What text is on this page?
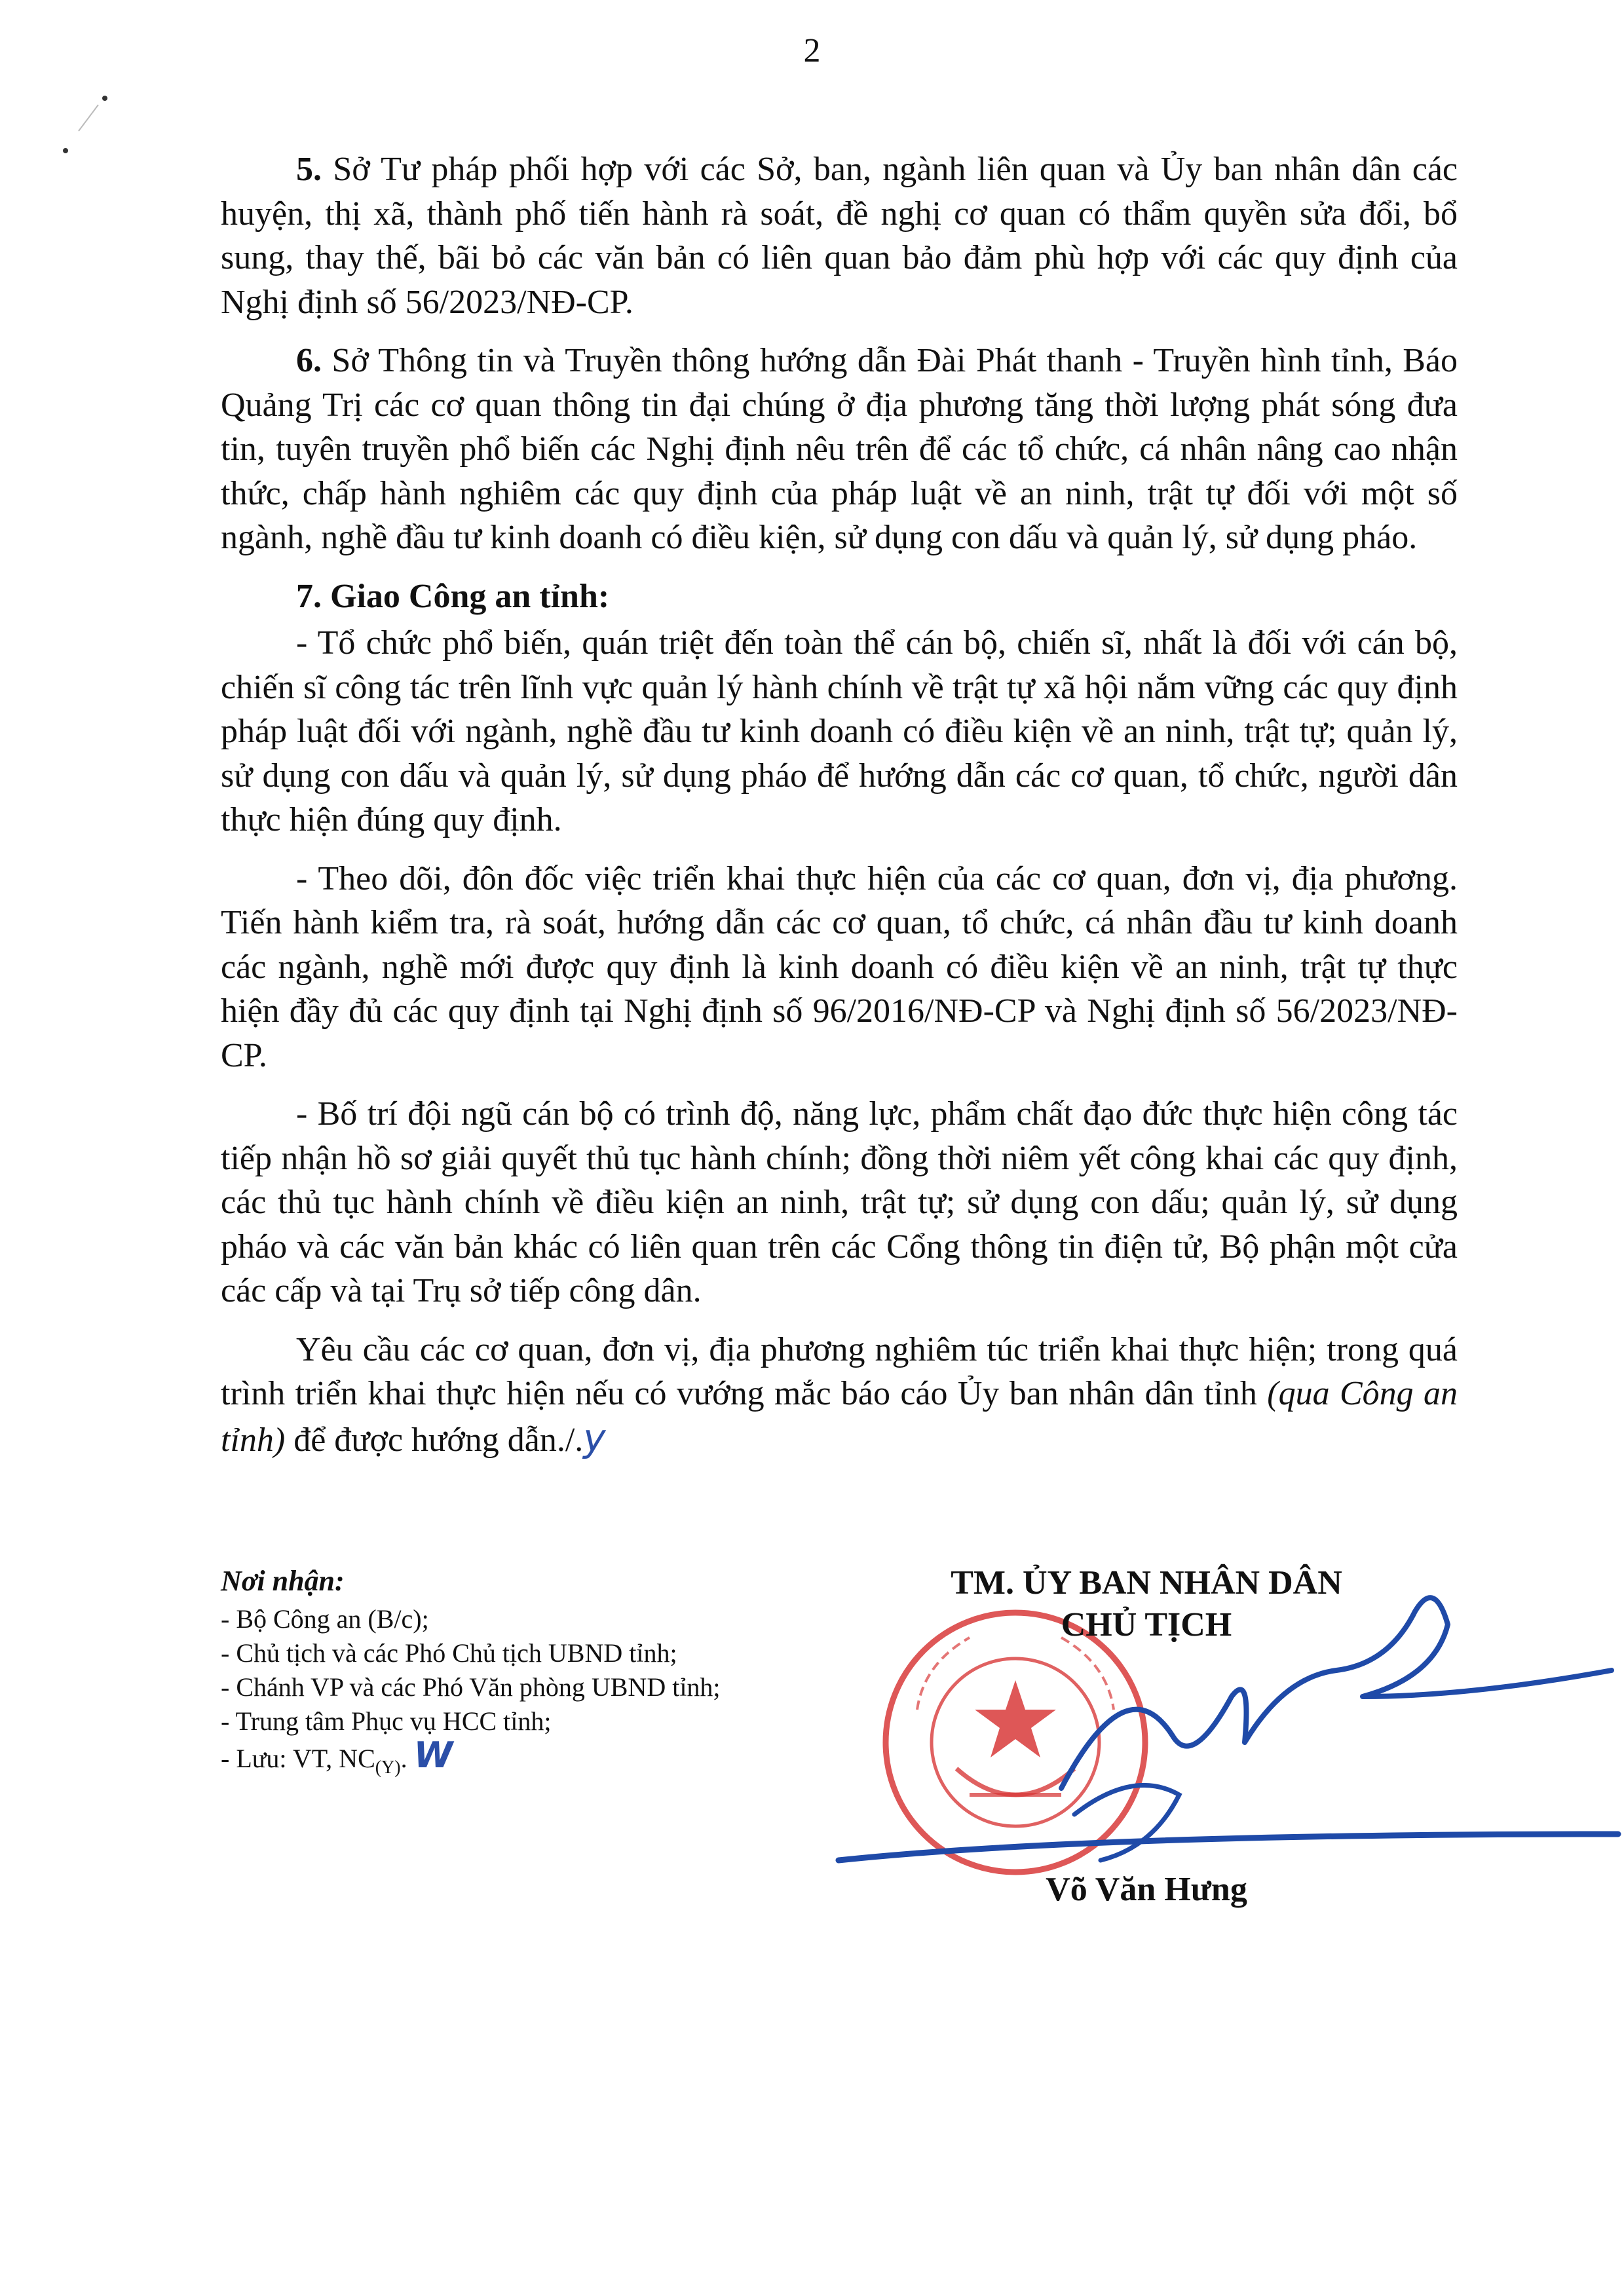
2

5. Sở Tư pháp phối hợp với các Sở, ban, ngành liên quan và Ủy ban nhân dân các huyện, thị xã, thành phố tiến hành rà soát, đề nghị cơ quan có thẩm quyền sửa đổi, bổ sung, thay thế, bãi bỏ các văn bản có liên quan bảo đảm phù hợp với các quy định của Nghị định số 56/2023/NĐ-CP.

6. Sở Thông tin và Truyền thông hướng dẫn Đài Phát thanh - Truyền hình tỉnh, Báo Quảng Trị các cơ quan thông tin đại chúng ở địa phương tăng thời lượng phát sóng đưa tin, tuyên truyền phổ biến các Nghị định nêu trên để các tổ chức, cá nhân nâng cao nhận thức, chấp hành nghiêm các quy định của pháp luật về an ninh, trật tự đối với một số ngành, nghề đầu tư kinh doanh có điều kiện, sử dụng con dấu và quản lý, sử dụng pháo.

7. Giao Công an tỉnh:

- Tổ chức phổ biến, quán triệt đến toàn thể cán bộ, chiến sĩ, nhất là đối với cán bộ, chiến sĩ công tác trên lĩnh vực quản lý hành chính về trật tự xã hội nắm vững các quy định pháp luật đối với ngành, nghề đầu tư kinh doanh có điều kiện về an ninh, trật tự; quản lý, sử dụng con dấu và quản lý, sử dụng pháo để hướng dẫn các cơ quan, tổ chức, người dân thực hiện đúng quy định.

- Theo dõi, đôn đốc việc triển khai thực hiện của các cơ quan, đơn vị, địa phương. Tiến hành kiểm tra, rà soát, hướng dẫn các cơ quan, tổ chức, cá nhân đầu tư kinh doanh các ngành, nghề mới được quy định là kinh doanh có điều kiện về an ninh, trật tự thực hiện đầy đủ các quy định tại Nghị định số 96/2016/NĐ-CP và Nghị định số 56/2023/NĐ-CP.

- Bố trí đội ngũ cán bộ có trình độ, năng lực, phẩm chất đạo đức thực hiện công tác tiếp nhận hồ sơ giải quyết thủ tục hành chính; đồng thời niêm yết công khai các quy định, các thủ tục hành chính về điều kiện an ninh, trật tự; sử dụng con dấu; quản lý, sử dụng pháo và các văn bản khác có liên quan trên các Cổng thông tin điện tử, Bộ phận một cửa các cấp và tại Trụ sở tiếp công dân.

Yêu cầu các cơ quan, đơn vị, địa phương nghiêm túc triển khai thực hiện; trong quá trình triển khai thực hiện nếu có vướng mắc báo cáo Ủy ban nhân dân tỉnh (qua Công an tỉnh) để được hướng dẫn./.y

Nơi nhận:
- Bộ Công an (B/c);
- Chủ tịch và các Phó Chủ tịch UBND tỉnh;
- Chánh VP và các Phó Văn phòng UBND tỉnh;
- Trung tâm Phục vụ HCC tỉnh;
- Lưu: VT, $NC_{(Y)}$. W
TM. ỦY BAN NHÂN DÂN
CHỦ TỊCH
Võ Văn Hưng
